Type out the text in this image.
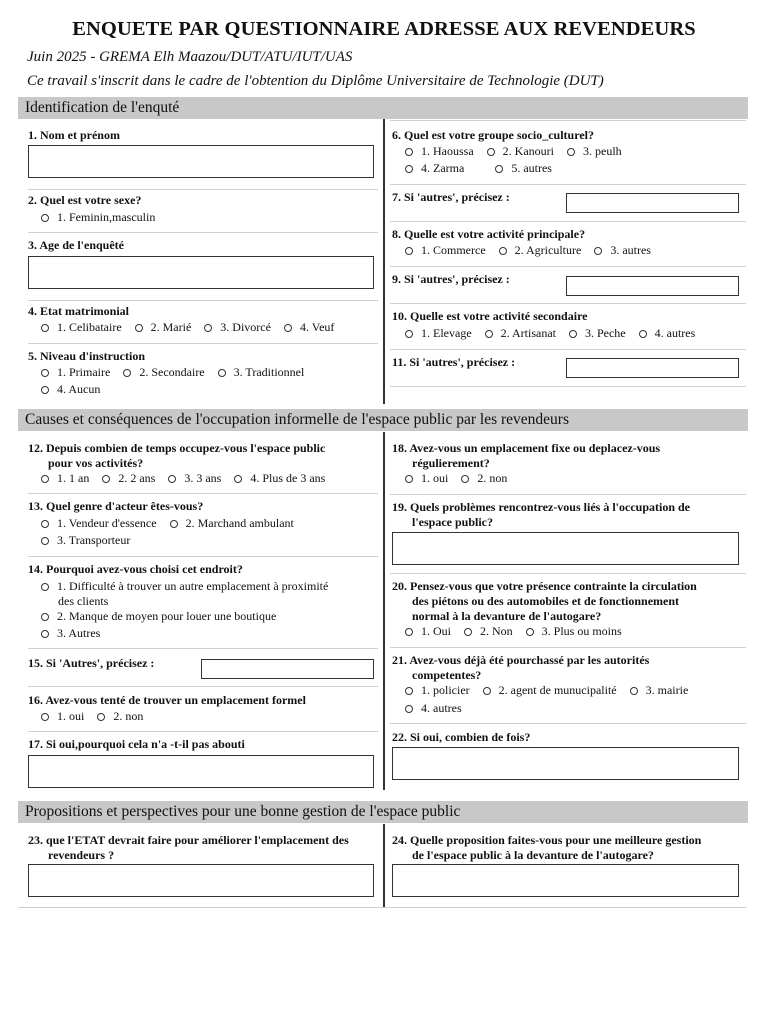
ENQUETE PAR QUESTIONNAIRE ADRESSE AUX REVENDEURS
Juin 2025 - GREMA Elh Maazou/DUT/ATU/IUT/UAS
Ce travail s'inscrit dans le cadre de l'obtention du Diplôme Universitaire de Technologie (DUT)
Identification de l'enquté
1. Nom et prénom
2. Quel est votre sexe?
1. Feminin,masculin
3. Age de l'enquêté
4. Etat matrimonial
1. Celibataire
2. Marié
3. Divorcé
4. Veuf
5. Niveau d'instruction
1. Primaire
2. Secondaire
3. Traditionnel
4. Aucun
6. Quel est votre groupe socio_culturel?
1. Haoussa
2. Kanouri
3. peulh
4. Zarma
	5. autres
7. Si 'autres', précisez :
8. Quelle est votre activité principale?
1. Commerce
2. Agriculture
3. autres
9. Si 'autres', précisez :
10. Quelle est votre activité secondaire
1. Elevage
2. Artisanat
3. Peche
4. autres
11. Si 'autres', précisez :
Causes et conséquences de l'occupation informelle de l'espace public par les revendeurs
12. Depuis combien de temps occupez-vous l'espace public
pour vos activités?
1. 1 an
2. 2 ans
3. 3 ans
4. Plus de 3 ans
13. Quel genre d'acteur êtes-vous?
1. Vendeur d'essence
2. Marchand ambulant
3. Transporteur
14. Pourquoi avez-vous choisi cet endroit?
1. Difficulté à trouver un autre emplacement à proximité
des clients
2. Manque de moyen pour louer une boutique
3. Autres
15. Si 'Autres', précisez :
16. Avez-vous tenté de trouver un emplacement formel
1. oui
2. non
17. Si oui,pourquoi cela n'a -t-il pas abouti
18. Avez-vous un emplacement fixe ou deplacez-vous
régulierement?
1. oui
2. non
19. Quels problèmes rencontrez-vous liés à l'occupation de
l'espace public?
20. Pensez-vous que votre présence contrainte la circulation
des piétons ou des automobiles et de fonctionnement
normal à la devanture de l'autogare?
1. Oui
2. Non
3. Plus ou moins
21. Avez-vous déjà été pourchassé par les autorités
competentes?
1. policier
2. agent de munucipalité
3. mairie
4. autres
22. Si oui, combien de fois?
Propositions et perspectives pour une bonne gestion de l'espace public
23. que l'ETAT devrait faire pour améliorer l'emplacement des
revendeurs ?
24. Quelle proposition faites-vous pour une meilleure gestion
de l'espace public à la devanture de l'autogare?
